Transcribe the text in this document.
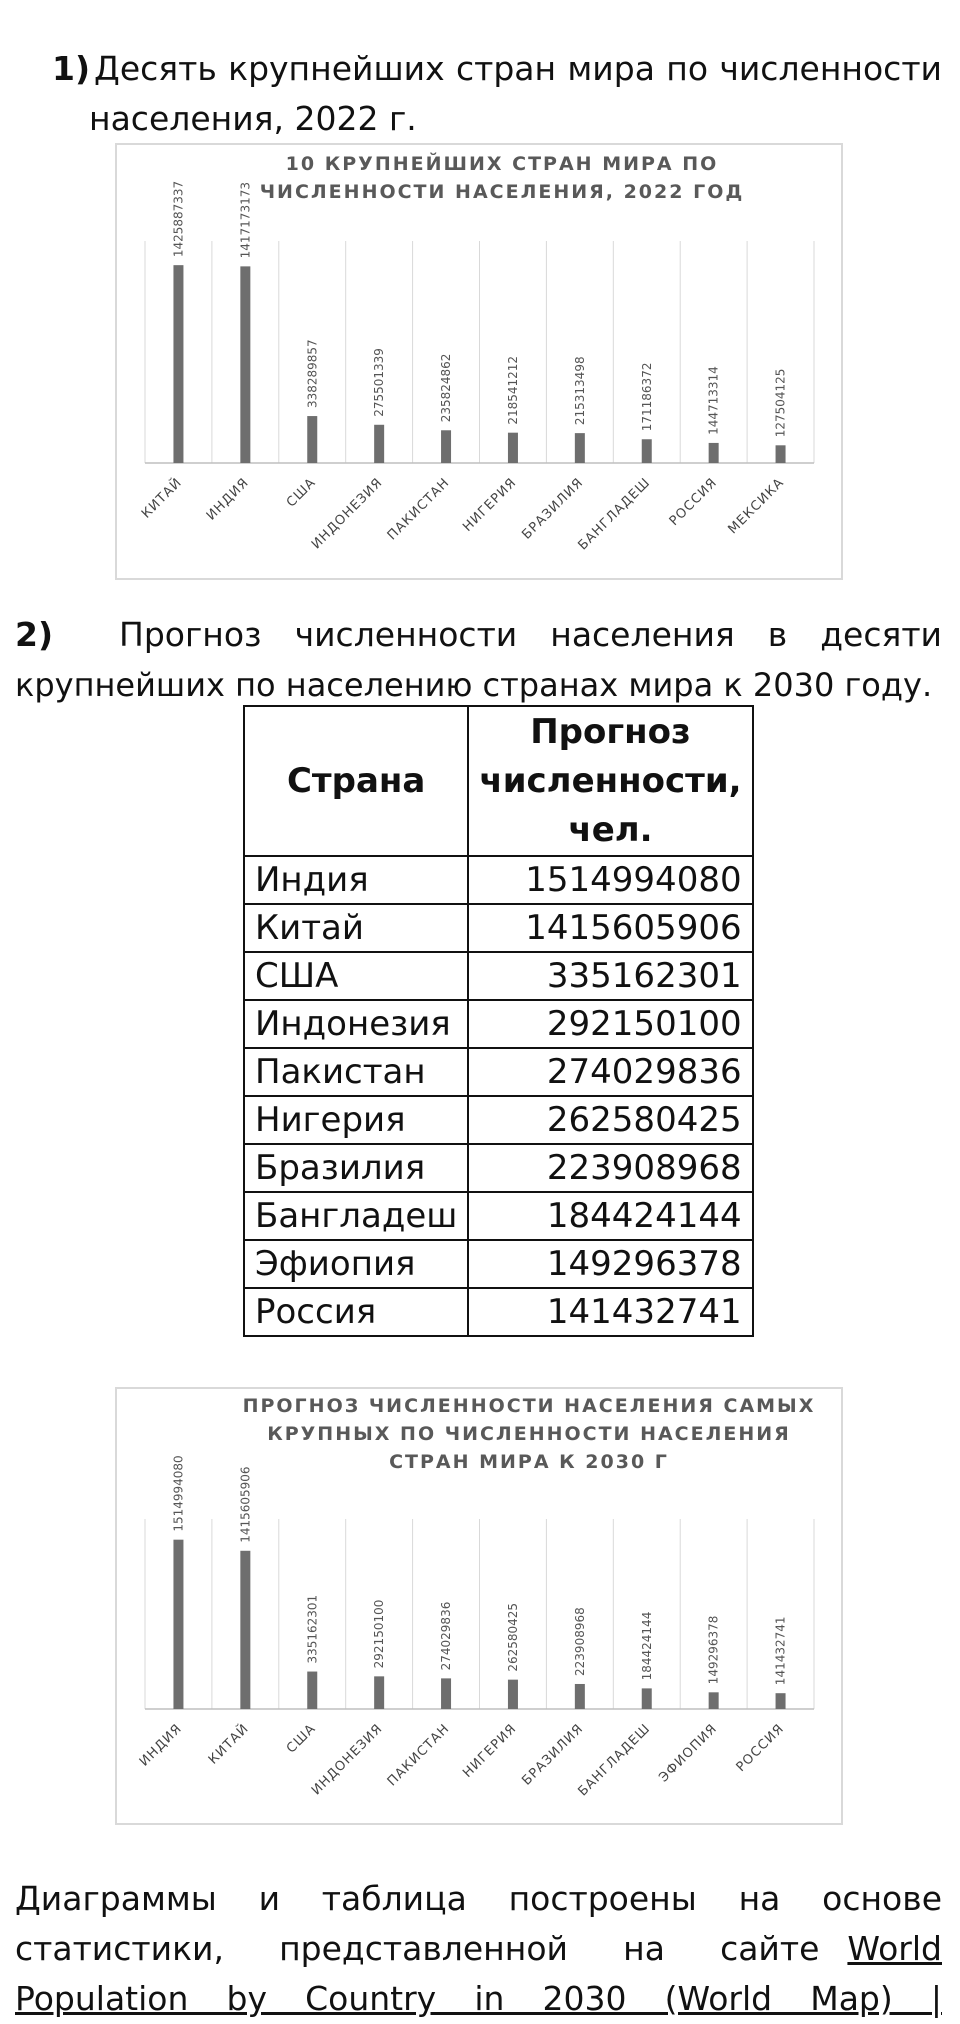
1) Десять крупнейших стран мира по численности
населения, 2022 г.
10 КРУПНЕЙШИХ СТРАН МИРА ПО
ЧИСЛЕННОСТИ НАСЕЛЕНИЯ, 2022 ГОД
1425887337
КИТАЙ
1417173173
ИНДИЯ
338289857
США
275501339
ИНДОНЕЗИЯ
235824862
ПАКИСТАН
218541212
НИГЕРИЯ
215313498
БРАЗИЛИЯ
171186372
БАНГЛАДЕШ
144713314
РОССИЯ
127504125
МЕКСИКА
2)	Прогноз численности населения в десяти
крупнейших по населению странах мира к 2030 году.
Страна	Прогноз
численности,
чел.

Индия	1514994080
Китай	1415605906
США	335162301
Индонезия	292150100
Пакистан	274029836
Нигерия	262580425
Бразилия	223908968
Бангладеш	184424144
Эфиопия	149296378
Россия	141432741
ПРОГНОЗ ЧИСЛЕННОСТИ НАСЕЛЕНИЯ САМЫХ
КРУПНЫХ ПО ЧИСЛЕННОСТИ НАСЕЛЕНИЯ
СТРАН МИРА К 2030 Г
1514994080
ИНДИЯ
1415605906
КИТАЙ
335162301
США
292150100
ИНДОНЕЗИЯ
274029836
ПАКИСТАН
262580425
НИГЕРИЯ
223908968
БРАЗИЛИЯ
184424144
БАНГЛАДЕШ
149296378
ЭФИОПИЯ
141432741
РОССИЯ
Диаграммы и таблица построены на основе
статистики, представленной на сайте World
Population by Country in 2030 (World Map) |
